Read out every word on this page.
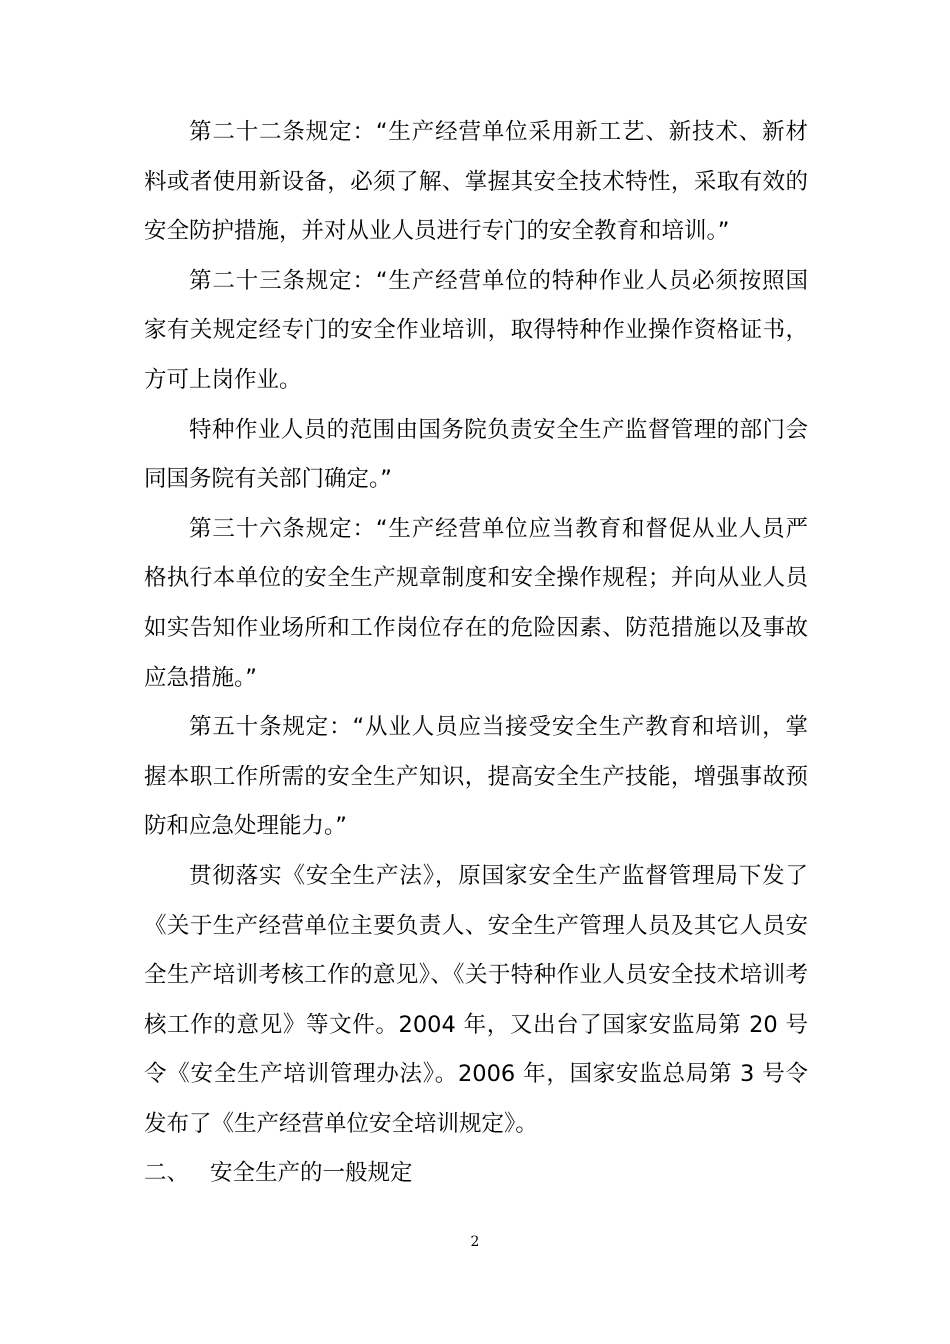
第二十二条规定：“生产经营单位采用新工艺、新技术、新材料或者使用新设备，必须了解、掌握其安全技术特性，采取有效的安全防护措施，并对从业人员进行专门的安全教育和培训。”

第二十三条规定：“生产经营单位的特种作业人员必须按照国家有关规定经专门的安全作业培训，取得特种作业操作资格证书，方可上岗作业。

特种作业人员的范围由国务院负责安全生产监督管理的部门会同国务院有关部门确定。”

第三十六条规定：“生产经营单位应当教育和督促从业人员严格执行本单位的安全生产规章制度和安全操作规程；并向从业人员如实告知作业场所和工作岗位存在的危险因素、防范措施以及事故应急措施。”

第五十条规定：“从业人员应当接受安全生产教育和培训，掌握本职工作所需的安全生产知识，提高安全生产技能，增强事故预防和应急处理能力。”

贯彻落实《安全生产法》，原国家安全生产监督管理局下发了《关于生产经营单位主要负责人、安全生产管理人员及其它人员安全生产培训考核工作的意见》、《关于特种作业人员安全技术培训考核工作的意见》等文件。2004 年，又出台了国家安监局第 20 号令《安全生产培训管理办法》。2006 年，国家安监总局第 3 号令发布了《生产经营单位安全培训规定》。

二、 安全生产的一般规定
2
